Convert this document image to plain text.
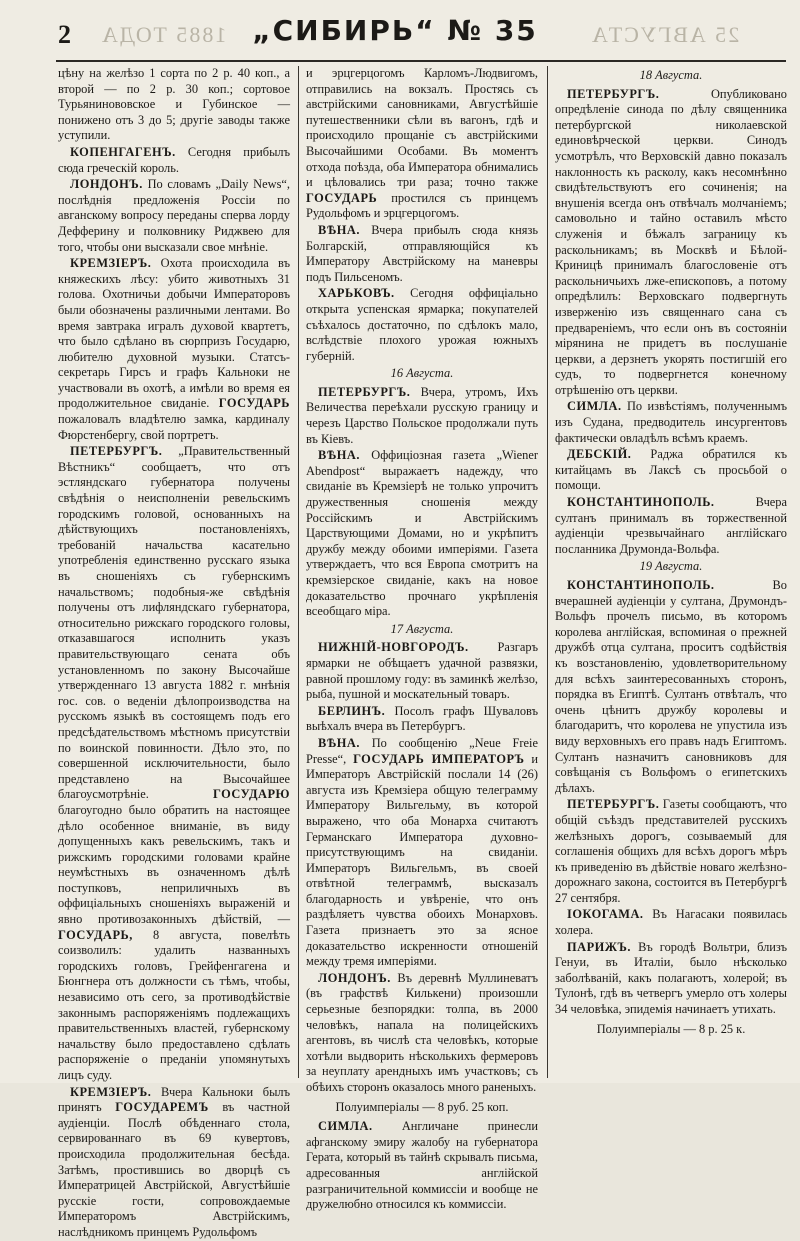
1885 ТОДА
2	„СИБИРЬ“ № 35	25 АВГУСТА

цѣну на желѣзо 1 сорта по 2 р. 40 коп., а второй — по 2 р. 30 коп.; сортовое Турьянинововское и Губинское — понижено отъ 3 до 5; другіе заводы также уступили.

КОПЕНГАГЕНЪ. Сегодня прибылъ сюда греческій король.

ЛОНДОНЪ. По словамъ „Daily News“, послѣднія предложенія Россіи по авганскому вопросу переданы сперва лорду Дефферину и полковнику Риджвею для того, чтобы они высказали свое мнѣніе.

КРЕМЗІЕРЪ. Охота происходила въ княжескихъ лѣсу: убито животныхъ 31 голова. Охотничьи добычи Императоровъ были обозначены различными лентами. Во время завтрака игралъ духовой квартетъ, что было сдѣлано въ сюрпризъ Государю, любителю духовной музыки. Статсъ-секретарь Гирсъ и графъ Кальноки не участвовали въ охотѣ, а имѣли во время ея продолжительное свиданіе. ГОСУДАРЬ пожаловалъ владѣтелю замка, кардиналу Фюрстенбергу, свой портретъ.

ПЕТЕРБУРГЪ. „Правительственный Вѣстникъ“ сообщаетъ, что отъ эстляндскаго губернатора получены свѣдѣнія о неисполненіи ревельскимъ городскимъ головой, основанныхъ на дѣйствующихъ постановленіяхъ, требованій начальства касательно употребленія единственно русскаго языка въ сношеніяхъ съ губернскимъ начальствомъ; подобныя-же свѣдѣнія получены отъ лифляндскаго губернатора, относительно рижскаго городского головы, отказавшагося исполнить указъ правительствующаго сената объ установленномъ по закону Высочайше утвержденнаго 13 августа 1882 г. мнѣнія гос. сов. о веденіи дѣлопроизводства на русскомъ языкѣ въ состоящемъ подъ его предсѣдательствомъ мѣстномъ присутствіи по воинской повинности. Дѣло это, по совершенной исключительности, было представлено на Высочайшее благоусмотрѣніе.	ГОСУДАРЮ благоугодно было обратить на настоящее дѣло особенное вниманіе, въ виду допущенныхъ какъ ревельскимъ, такъ и рижскимъ городскими головами крайне неумѣстныхъ въ означенномъ дѣлѣ поступковъ, неприличныхъ въ оффиціальныхъ сношеніяхъ выраженій и явно противозаконныхъ дѣйствій, — ГОСУДАРЬ, 8 августа, повелѣть соизволилъ: удалить названныхъ городскихъ головъ, Грейфенгагена и Бюнгнера отъ должности съ тѣмъ, чтобы, независимо отъ сего, за противодѣйствіе законнымъ распоряженіямъ подлежащихъ правительственныхъ властей, губернскому начальству было предоставлено сдѣлать распоряженіе о преданіи упомянутыхъ лицъ суду.

КРЕМЗІЕРЪ. Вчера Кальноки былъ принятъ ГОСУДАРЕМЪ въ частной аудіенціи. Послѣ обѣденнаго стола, сервированнаго въ 69 кувертовъ, происходила продолжительная бесѣда. Затѣмъ, простившись во дворцѣ съ Императрицей Австрійской, Августѣйшіе русскіе гости, сопровождаемые Императоромъ Австрійскимъ, наслѣдникомъ принцемъ Рудольфомъ

и эрцгерцогомъ Карломъ-Людвигомъ, отправились на вокзалъ. Простясь съ австрійскими сановниками, Августѣйшіе путешественники сѣли въ вагонъ, гдѣ и происходило прощаніе съ австрійскими Высочайшими Особами. Въ моментъ отхода поѣзда, оба Императора обнимались и цѣловались три раза; точно также ГОСУДАРЬ простился съ принцемъ Рудольфомъ и эрцгерцогомъ.

ВѢНА. Вчера прибылъ сюда князь Болгарскій, отправляющійся къ Императору Австрійскому на маневры подъ Пильсеномъ.

ХАРЬКОВЪ. Сегодня оффиціально открыта успенская ярмарка; покупателей съѣхалось достаточно, по сдѣлокъ мало, вслѣдствіе плохого урожая южныхъ губерній.

16 Августа.

ПЕТЕРБУРГЪ. Вчера, утромъ, Ихъ Величества переѣхали русскую границу и черезъ Царство Польское продолжали путь въ Кіевъ.

ВѢНА. Оффиціозная газета „Wiener Abendpost“ выражаетъ надежду, что свиданіе въ Кремзіерѣ не только упрочитъ дружественныя сношенія между Россійскимъ и Австрійскимъ Царствующими Домами, но и укрѣпитъ дружбу между обоими имперіями. Газета утверждаетъ, что вся Европа смотритъ на кремзіерское свиданіе, какъ на новое доказательство прочнаго укрѣпленія всеобщаго міра.

17 Августа.

НИЖНІЙ-НОВГОРОДЪ. Разгаръ ярмарки не обѣщаетъ удачной развязки, равной прошлому году: въ заминкѣ желѣзо, рыба, пушной и москательный товаръ.

БЕРЛИНЪ. Посолъ графъ Шуваловъ выѣхалъ вчера въ Петербургъ.

ВѢНА. По сообщенію „Neue Freie Presse“, ГОСУДАРЬ ИМПЕРАТОРЪ и Императоръ Австрійскій послали 14 (26) августа изъ Кремзіера общую телеграмму Императору Вильгельму, въ которой выражено, что оба Монарха считаютъ Германскаго Императора духовно-присутствующимъ на свиданіи. Императоръ Вильгельмъ, въ своей отвѣтной телеграммѣ, высказалъ благодарность и увѣреніе, что онъ раздѣляетъ чувства обоихъ Монарховъ. Газета признаетъ это за ясное доказательство искренности отношеній между тремя имперіями.

ЛОНДОНЪ. Въ деревнѣ Муллиневатъ (въ графствѣ Килькени) произошли серьезные безпорядки: толпа, въ 2000 человѣкъ, напала на полицейскихъ агентовъ, въ числѣ ста человѣкъ, которые хотѣли выдворить нѣсколькихъ фермеровъ за неуплату арендныхъ имъ участковъ; съ обѣихъ сторонъ оказалось много раненыхъ.

Полуимперіалы — 8 руб. 25 коп.

СИМЛА. Англичане принесли афганскому эмиру жалобу на губернатора Герата, который въ тайнѣ скрывалъ письма, адресованныя англійской разграничительной коммиссіи и вообще не дружелюбно относился къ коммиссіи.

18 Августа.

ПЕТЕРБУРГЪ. Опубликовано опредѣленіе синода по дѣлу священника петербургской николаевской единовѣрческой церкви. Синодъ усмотрѣлъ, что Верховскій давно показалъ наклонность къ расколу, какъ несомнѣнно свидѣтельствуютъ его сочиненія; на внушенія всегда онъ отвѣчалъ молчаніемъ; самовольно и тайно оставилъ мѣсто служенія и бѣжалъ заграницу къ раскольникамъ; въ Москвѣ и Бѣлой-Криницѣ принималъ благословеніе отъ раскольничьихъ лже-епископовъ, а потому опредѣлилъ: Верховскаго подвергнуть изверженію изъ священнаго сана съ предвареніемъ, что если онъ въ состояніи мірянина не придетъ въ послушаніе церкви, а дерзнетъ укорять постигшій его судъ, то подвергнется конечному отрѣшенію отъ церкви.

СИМЛА. По извѣстіямъ, полученнымъ изъ Судана, предводитель инсургентовъ фактически овладѣлъ всѣмъ краемъ.

ДЕБСКІЙ. Раджа обратился къ китайцамъ въ Лаксѣ съ просьбой о помощи.

КОНСТАНТИНОПОЛЬ. Вчера султанъ принималъ въ торжественной аудіенціи чрезвычайнаго англійскаго посланника Друмонда-Вольфа.

19 Августа.

КОНСТАНТИНОПОЛЬ. Во вчерашней аудіенціи у султана, Друмондъ-Вольфъ прочелъ письмо, въ которомъ королева англійская, вспоминая о прежней дружбѣ отца султана, проситъ содѣйствія къ возстановленію, удовлетворительному для всѣхъ заинтересованныхъ сторонъ, порядка въ Египтѣ. Султанъ отвѣталъ, что очень цѣнитъ дружбу королевы и благодаритъ, что королева не упустила изъ виду верховныхъ его правъ надъ Египтомъ. Султанъ назначитъ сановниковъ для совѣщанія съ Вольфомъ о египетскихъ дѣлахъ.

ПЕТЕРБУРГЪ. Газеты сообщаютъ, что общій съѣздъ представителей русскихъ желѣзныхъ дорогъ, созываемый для соглашенія общихъ для всѣхъ дорогъ мѣръ къ приведенію въ дѣйствіе новаго желѣзно-дорожнаго закона, состоится въ Петербургѣ 27 сентября.

ІОКОГАМА. Въ Нагасаки появилась холера.

ПАРИЖЪ. Въ городѣ Вольтри, близъ Генуи, въ Италіи, было нѣсколько заболѣваній, какъ полагаютъ, холерой; въ Тулонѣ, гдѣ въ четвергъ умерло отъ холеры 34 человѣка, эпидемія начинаетъ утихать.

Полуимперіалы — 8 р. 25 к.
